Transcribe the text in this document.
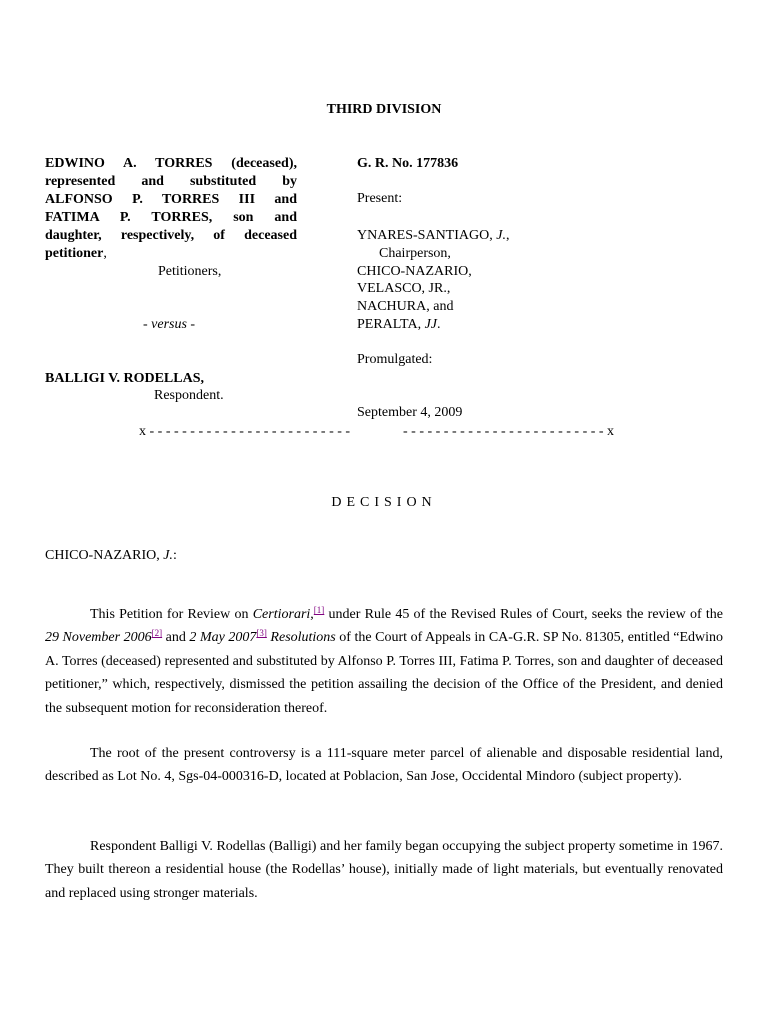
THIRD DIVISION
EDWINO A. TORRES (deceased),
represented and substituted by
ALFONSO P. TORRES III and
FATIMA P. TORRES, son and
daughter, respectively, of deceased
petitioner,
Petitioners,
- versus -
BALLIGI V. RODELLAS,
Respondent.
G. R. No. 177836
Present:
YNARES-SANTIAGO, J.,
Chairperson,
CHICO-NAZARIO,
VELASCO, JR.,
NACHURA, and
PERALTA, JJ.
Promulgated:
September 4, 2009
x - - - - - - - - - - - - - - - - - - - - - - - - -	- - - - - - - - - - - - - - - - - - - - - - - - - x
DECISION
CHICO-NAZARIO, J.:

This Petition for Review on Certiorari,[1] under Rule 45 of the Revised Rules of Court, seeks the review of the 29 November 2006[2] and 2 May 2007[3] Resolutions of the Court of Appeals in CA-G.R. SP No. 81305, entitled “Edwino A. Torres (deceased) represented and substituted by Alfonso P. Torres III, Fatima P. Torres, son and daughter of deceased petitioner,” which, respectively, dismissed the petition assailing the decision of the Office of the President, and denied the subsequent motion for reconsideration thereof.

The root of the present controversy is a 111-square meter parcel of alienable and disposable residential land, described as Lot No. 4, Sgs-04-000316-D, located at Poblacion, San Jose, Occidental Mindoro (subject property).

Respondent Balligi V. Rodellas (Balligi) and her family began occupying the subject property sometime in 1967. They built thereon a residential house (the Rodellas’ house), initially made of light materials, but eventually renovated and replaced using stronger materials.
